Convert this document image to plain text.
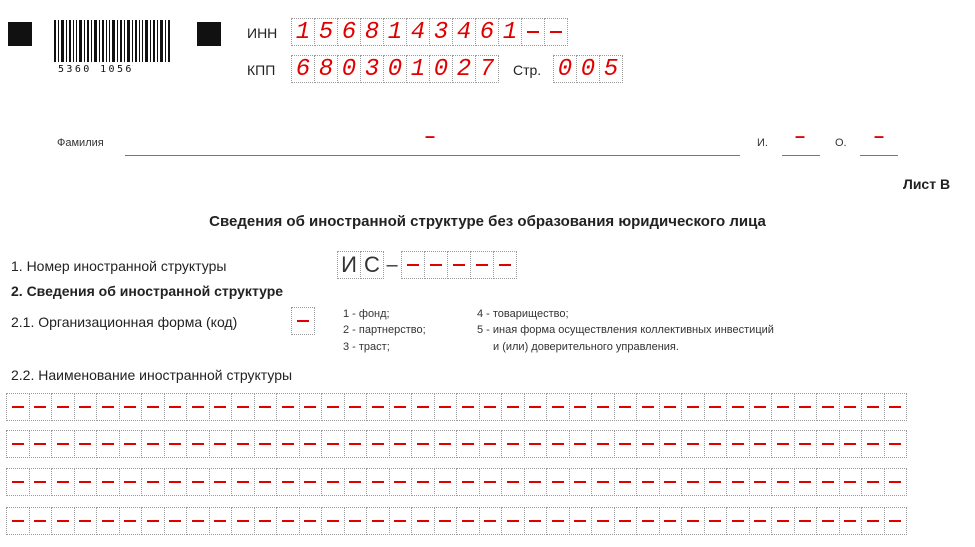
5360 1056
ИНН 1 5 6 8 1 4 3 4 6 1
КПП 6 8 0 3 0 1 0 2 7	Стр. 0 0 5
Фамилия	–	И. –	О. –
Лист В
Сведения об иностранной структуре без образования юридического лица
1. Номер иностранной структуры	И С –
2. Сведения об иностранной структуре
2.1. Организационная форма (код)	1 - фонд;
2 - партнерство;
3 - траст;
4 - товарищество;
5 - иная форма осуществления коллективных инвестиций
и (или) доверительного управления.
2.2. Наименование иностранной структуры
